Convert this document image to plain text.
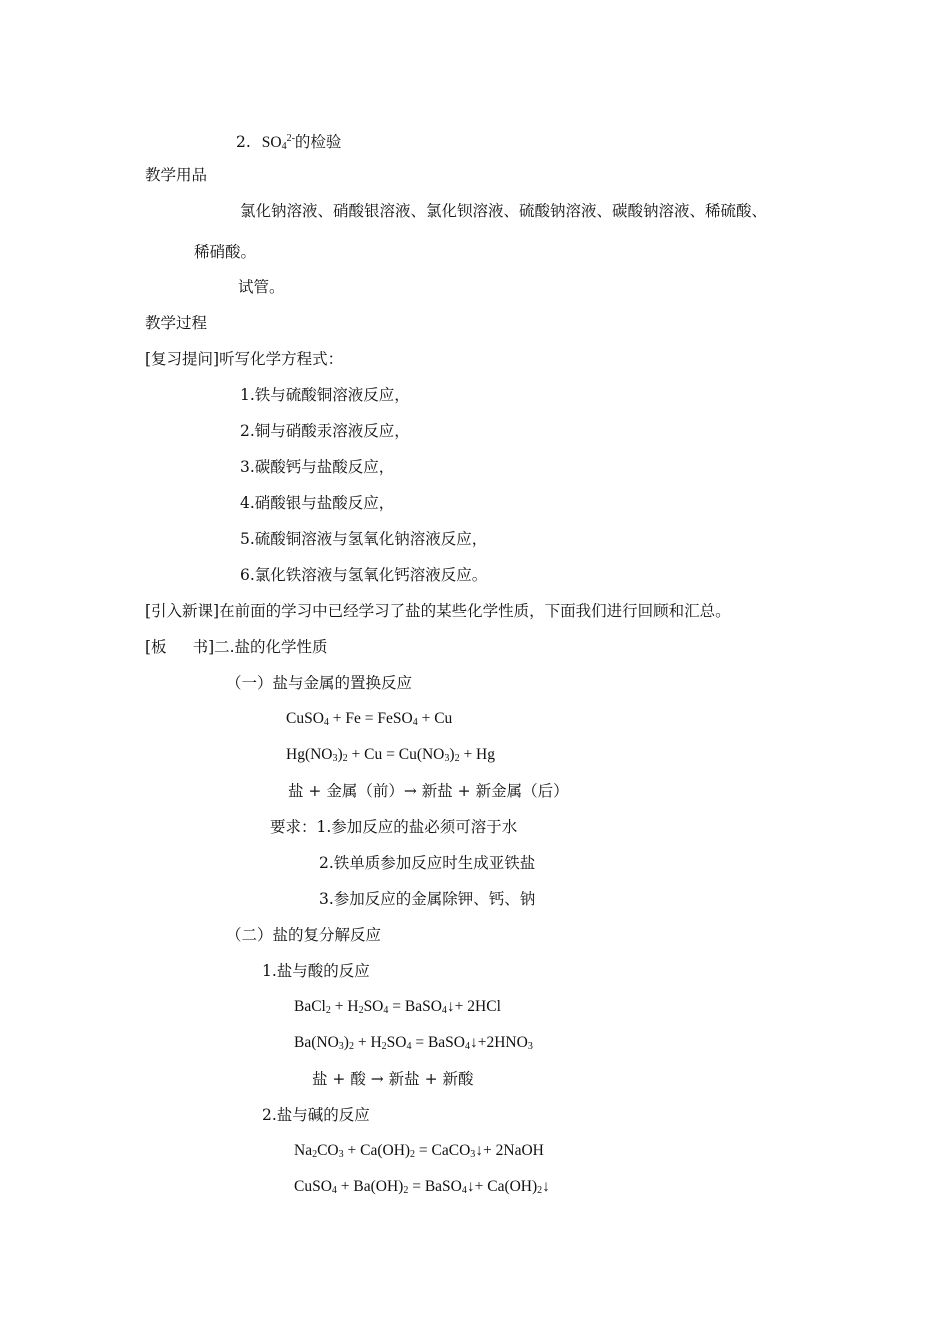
2. $SO_4^{2-}$的检验
教学用品
氯化钠溶液、硝酸银溶液、氯化钡溶液、硫酸钠溶液、碳酸钠溶液、稀硫酸、
稀硝酸。
试管。
教学过程
[复习提问]听写化学方程式：
1.铁与硫酸铜溶液反应，
2.铜与硝酸汞溶液反应，
3.碳酸钙与盐酸反应，
4.硝酸银与盐酸反应，
5.硫酸铜溶液与氢氧化钠溶液反应，
6.氯化铁溶液与氢氧化钙溶液反应。
[引入新课]在前面的学习中已经学习了盐的某些化学性质，下面我们进行回顾和汇总。
[板 书]二.盐的化学性质
（一）盐与金属的置换反应
CuSO$_4$ + Fe = FeSO$_4$ + Cu
$Hg(NO_3)_2 + Cu = Cu(NO_3)_2 + Hg$
盐 + 金属（前）→ 新盐 + 新金属（后）
要求：1.参加反应的盐必须可溶于水
2.铁单质参加反应时生成亚铁盐
3.参加反应的金属除钾、钙、钠
（二）盐的复分解反应
1.盐与酸的反应
BaCl$_2$ + $H_2SO_4$ = BaSO$_4$↓+ 2HCl
$Ba(NO_3)_2 + H_2SO_4$ = $BaSO_4↓+2HNO_3$
盐 + 酸 → 新盐 + 新酸
2.盐与碱的反应
$Na_2CO_3 + Ca(OH)_2$ = CaCO$_3$↓+ 2NaOH
CuSO$_4$ + $Ba(OH)_2$ = BaSO$_4$↓+ $Ca(OH)_2↓$
